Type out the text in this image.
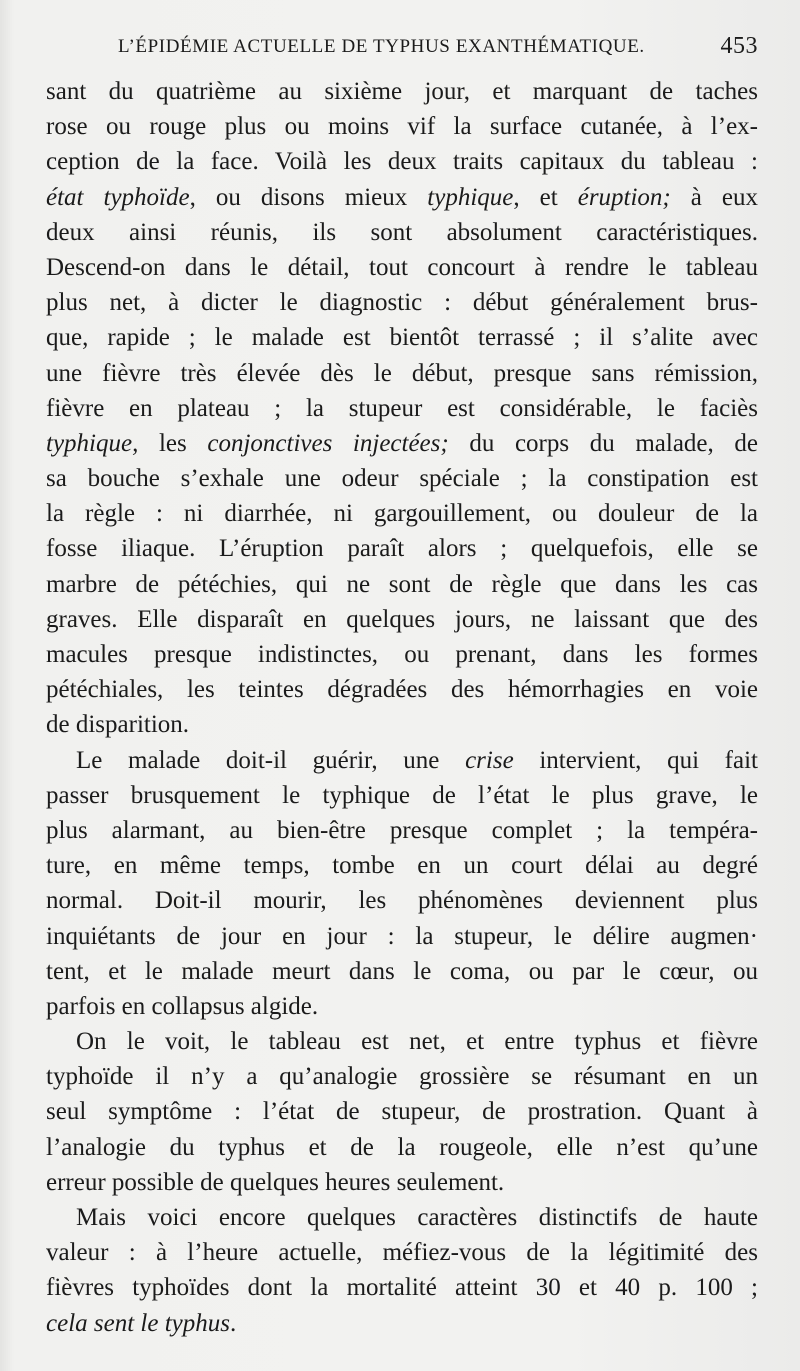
L’ÉPIDÉMIE ACTUELLE DE TYPHUS EXANTHÉMATIQUE.	453
sant du quatrième au sixième jour, et marquant de taches
rose ou rouge plus ou moins vif la surface cutanée, à l’ex-
ception de la face. Voilà les deux traits capitaux du tableau :
état typhoïde, ou disons mieux typhique, et éruption; à eux
deux ainsi réunis, ils sont absolument caractéristiques.
Descend-on dans le détail, tout concourt à rendre le tableau
plus net, à dicter le diagnostic : début généralement brus-
que, rapide ; le malade est bientôt terrassé ; il s’alite avec
une fièvre très élevée dès le début, presque sans rémission,
fièvre en plateau ; la stupeur est considérable, le faciès
typhique, les conjonctives injectées; du corps du malade, de
sa bouche s’exhale une odeur spéciale ; la constipation est
la règle : ni diarrhée, ni gargouillement, ou douleur de la
fosse iliaque. L’éruption paraît alors ; quelquefois, elle se
marbre de pétéchies, qui ne sont de règle que dans les cas
graves. Elle disparaît en quelques jours, ne laissant que des
macules presque indistinctes, ou prenant, dans les formes
pétéchiales, les teintes dégradées des hémorrhagies en voie
de disparition.
Le malade doit-il guérir, une crise intervient, qui fait
passer brusquement le typhique de l’état le plus grave, le
plus alarmant, au bien-être presque complet ; la tempéra-
ture, en même temps, tombe en un court délai au degré
normal. Doit-il mourir, les phénomènes deviennent plus
inquiétants de jour en jour : la stupeur, le délire augmen·
tent, et le malade meurt dans le coma, ou par le cœur, ou
parfois en collapsus algide.
On le voit, le tableau est net, et entre typhus et fièvre
typhoïde il n’y a qu’analogie grossière se résumant en un
seul symptôme : l’état de stupeur, de prostration. Quant à
l’analogie du typhus et de la rougeole, elle n’est qu’une
erreur possible de quelques heures seulement.
Mais voici encore quelques caractères distinctifs de haute
valeur : à l’heure actuelle, méfiez-vous de la légitimité des
fièvres typhoïdes dont la mortalité atteint 30 et 40 p. 100 ;
cela sent le typhus.
